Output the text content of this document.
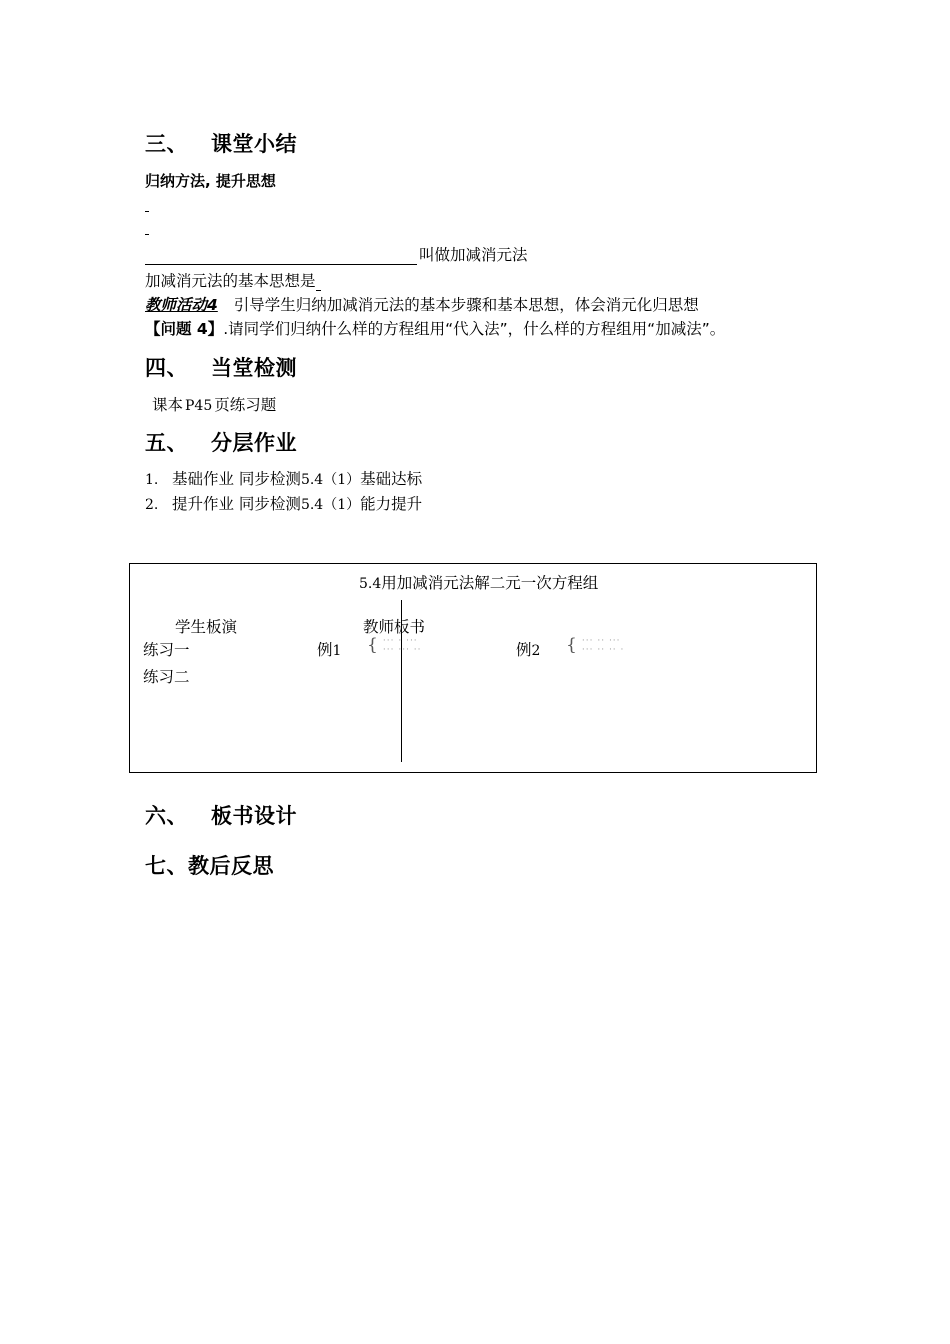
三、 课堂小结
归纳方法, 提升思想
叫做加减消元法
加减消元法的基本思想是
教师活动4 引导学生归纳加减消元法的基本步骤和基本思想，体会消元化归思想
【问题 4】.请同学们归纳什么样的方程组用“代入法”，什么样的方程组用“加减法”。
四、 当堂检测
课本 P45 页练习题
五、 分层作业
1. 基础作业 同步检测5.4（1）基础达标
2. 提升作业 同步检测5.4（1）能力提升
5.4用加减消元法解二元一次方程组
学生板演	教师板书
练习一
练习二
例1 { ··· · ···
··· ··· ··	例2 { ··· ·· ···
··· ·· ·· ·
六、 板书设计
七、教后反思
